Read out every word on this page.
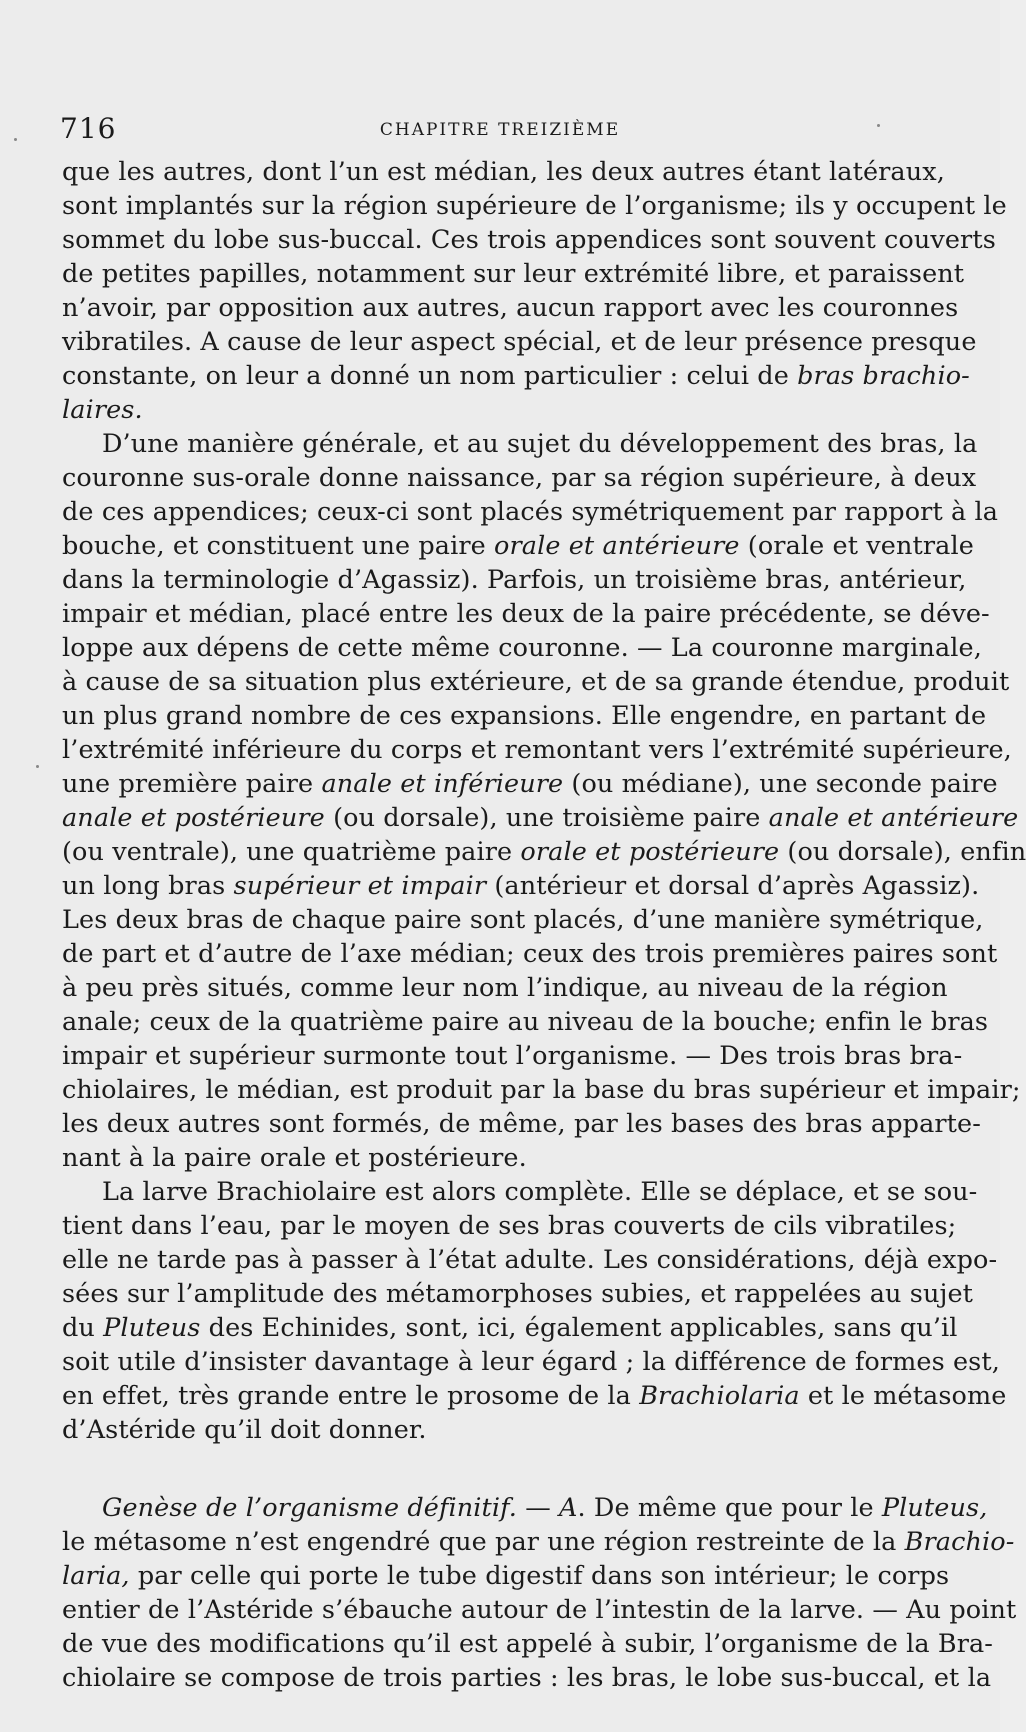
716	CHAPITRE TREIZIÈME
que les autres, dont l’un est médian, les deux autres étant latéraux,
sont implantés sur la région supérieure de l’organisme; ils y occupent le
sommet du lobe sus-buccal. Ces trois appendices sont souvent couverts
de petites papilles, notamment sur leur extrémité libre, et paraissent
n’avoir, par opposition aux autres, aucun rapport avec les couronnes
vibratiles. A cause de leur aspect spécial, et de leur présence presque
constante, on leur a donné un nom particulier : celui de bras brachio-
laires.
D’une manière générale, et au sujet du développement des bras, la
couronne sus-orale donne naissance, par sa région supérieure, à deux
de ces appendices; ceux-ci sont placés symétriquement par rapport à la
bouche, et constituent une paire orale et antérieure (orale et ventrale
dans la terminologie d’Agassiz). Parfois, un troisième bras, antérieur,
impair et médian, placé entre les deux de la paire précédente, se déve-
loppe aux dépens de cette même couronne. — La couronne marginale,
à cause de sa situation plus extérieure, et de sa grande étendue, produit
un plus grand nombre de ces expansions. Elle engendre, en partant de
l’extrémité inférieure du corps et remontant vers l’extrémité supérieure,
une première paire anale et inférieure (ou médiane), une seconde paire
anale et postérieure (ou dorsale), une troisième paire anale et antérieure
(ou ventrale), une quatrième paire orale et postérieure (ou dorsale), enfin
un long bras supérieur et impair (antérieur et dorsal d’après Agassiz).
Les deux bras de chaque paire sont placés, d’une manière symétrique,
de part et d’autre de l’axe médian; ceux des trois premières paires sont
à peu près situés, comme leur nom l’indique, au niveau de la région
anale; ceux de la quatrième paire au niveau de la bouche; enfin le bras
impair et supérieur surmonte tout l’organisme. — Des trois bras bra-
chiolaires, le médian, est produit par la base du bras supérieur et impair;
les deux autres sont formés, de même, par les bases des bras apparte-
nant à la paire orale et postérieure.
La larve Brachiolaire est alors complète. Elle se déplace, et se sou-
tient dans l’eau, par le moyen de ses bras couverts de cils vibratiles;
elle ne tarde pas à passer à l’état adulte. Les considérations, déjà expo-
sées sur l’amplitude des métamorphoses subies, et rappelées au sujet
du Pluteus des Echinides, sont, ici, également applicables, sans qu’il
soit utile d’insister davantage à leur égard ; la différence de formes est,
en effet, très grande entre le prosome de la Brachiolaria et le métasome
d’Astéride qu’il doit donner.
Genèse de l’organisme définitif. — A. De même que pour le Pluteus,
le métasome n’est engendré que par une région restreinte de la Brachio-
laria, par celle qui porte le tube digestif dans son intérieur; le corps
entier de l’Astéride s’ébauche autour de l’intestin de la larve. — Au point
de vue des modifications qu’il est appelé à subir, l’organisme de la Bra-
chiolaire se compose de trois parties : les bras, le lobe sus-buccal, et la
